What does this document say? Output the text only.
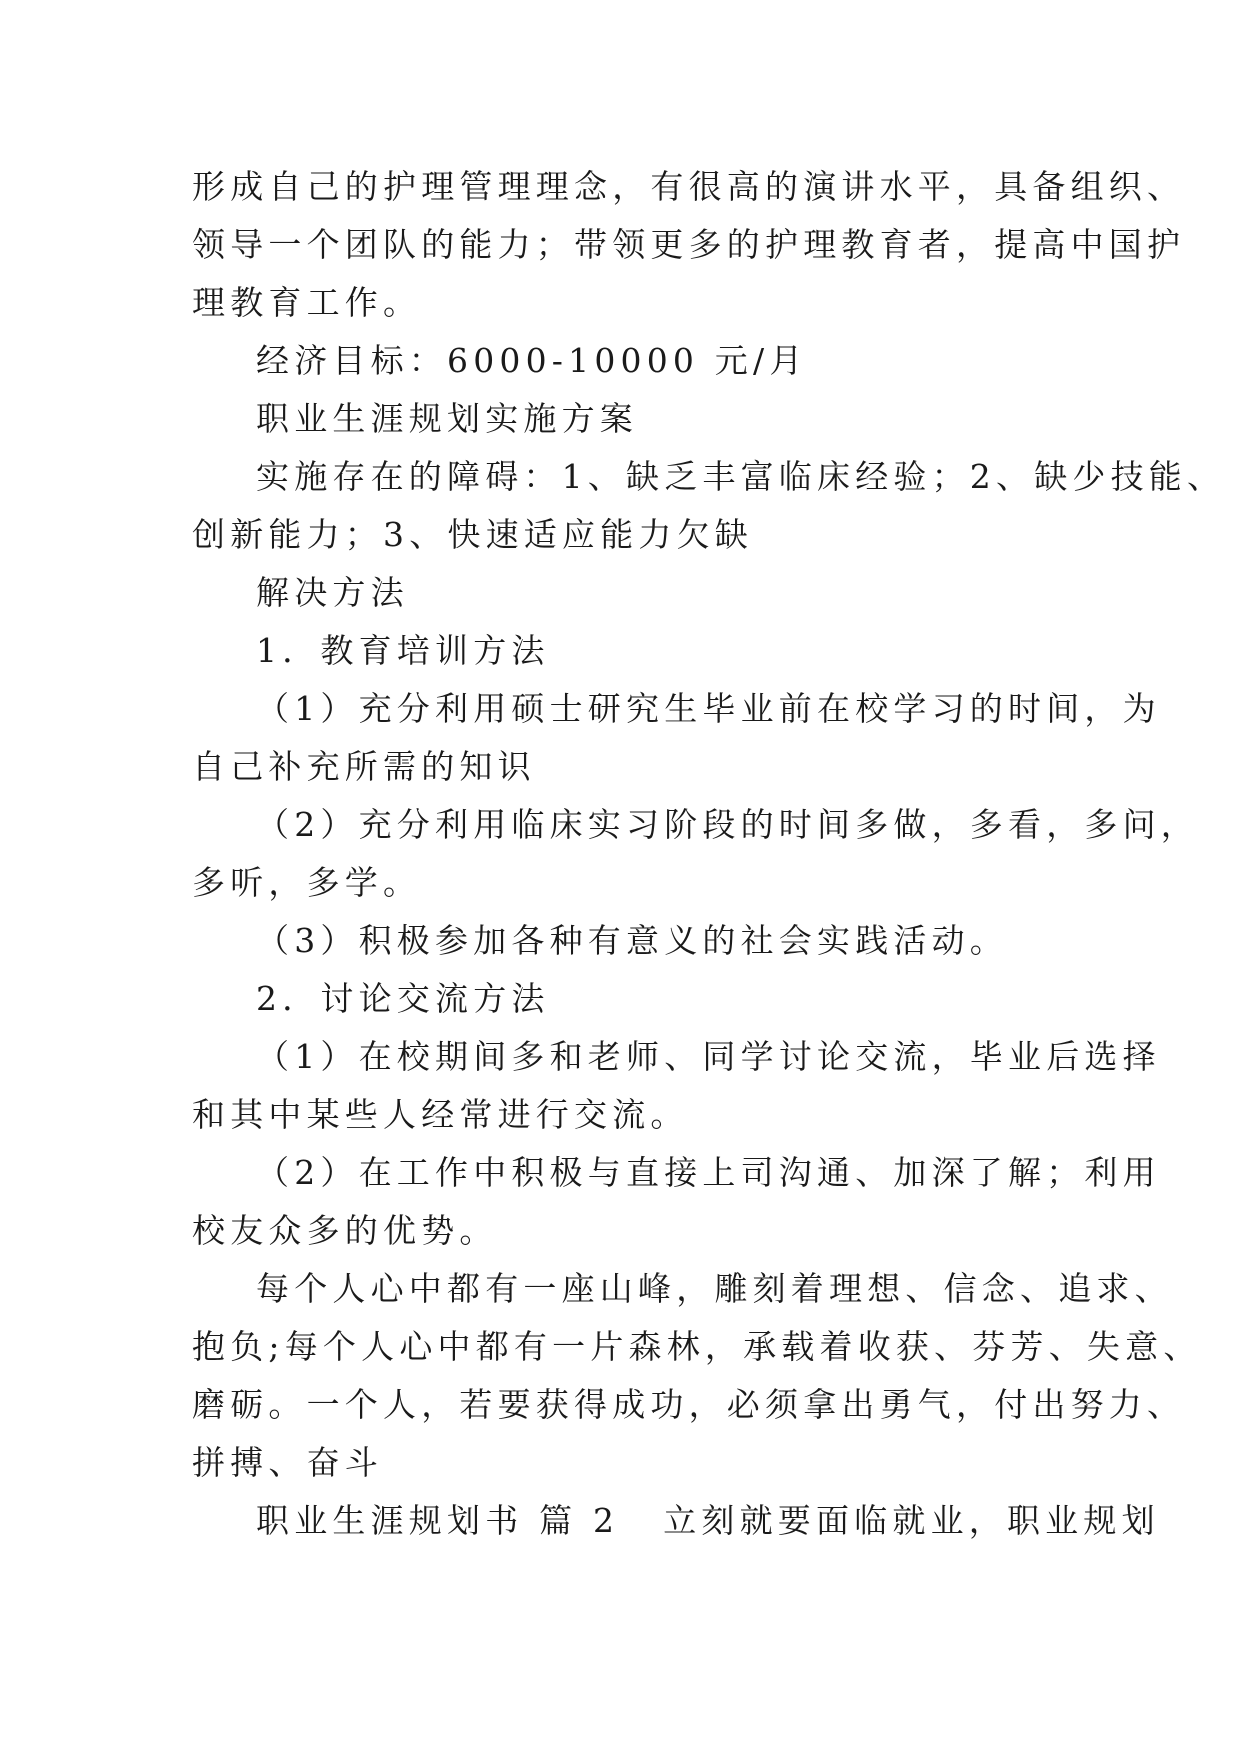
形成自己的护理管理理念，有很高的演讲水平，具备组织、
领导一个团队的能力；带领更多的护理教育者，提高中国护
理教育工作。
经济目标：6000-10000 元/月
职业生涯规划实施方案
实施存在的障碍：1、缺乏丰富临床经验；2、缺少技能、
创新能力；3、快速适应能力欠缺
解决方法
1．教育培训方法
（1）充分利用硕士研究生毕业前在校学习的时间，为
自己补充所需的知识
（2）充分利用临床实习阶段的时间多做，多看，多问，
多听，多学。
（3）积极参加各种有意义的社会实践活动。
2．讨论交流方法
（1）在校期间多和老师、同学讨论交流，毕业后选择
和其中某些人经常进行交流。
（2）在工作中积极与直接上司沟通、加深了解；利用
校友众多的优势。
每个人心中都有一座山峰，雕刻着理想、信念、追求、
抱负;每个人心中都有一片森林，承载着收获、芬芳、失意、
磨砺。一个人，若要获得成功，必须拿出勇气，付出努力、
拼搏、奋斗
职业生涯规划书 篇 2 立刻就要面临就业，职业规划
